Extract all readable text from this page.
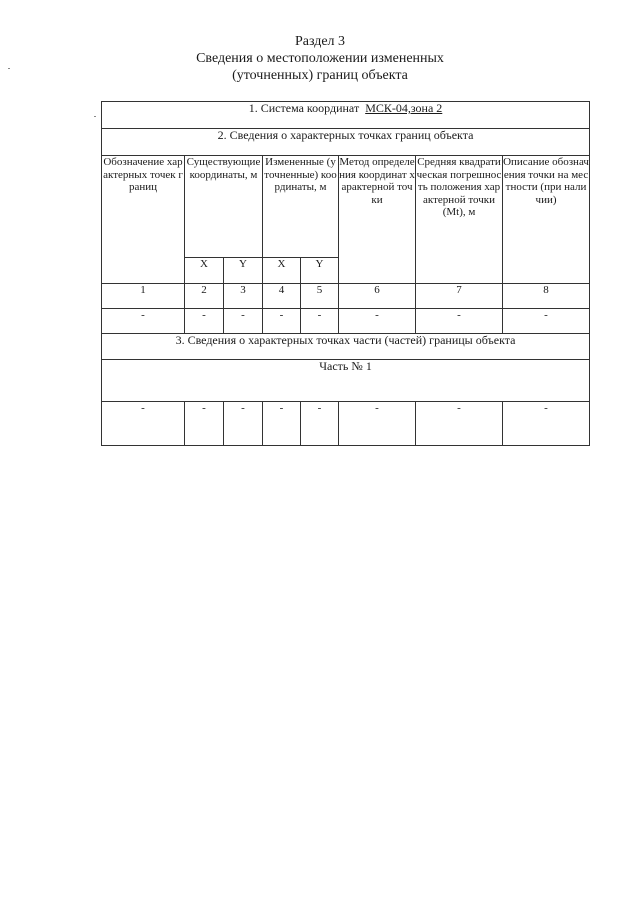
Раздел 3
Сведения о местоположении измененных
(уточненных) границ объекта
1. Система координат МСК-04,зона 2							
2. Сведения о характерных точках границ объекта							
Обозначение характерных точек границ	Существующие координаты, м		Измененные (уточненные) координаты, м		Метод определения координат характерной точки	Средняя квадратическая погрешность положения характерной точки (Mt), м	Описание обозначения точки на местности (при наличии)
	X	Y	X	Y			
1	2	3	4	5	6	7	8
-	-	-	-	-	-	-	-
3. Сведения о характерных точках части (частей) границы объекта							
Часть № 1							
-	-	-	-	-	-	-	-
